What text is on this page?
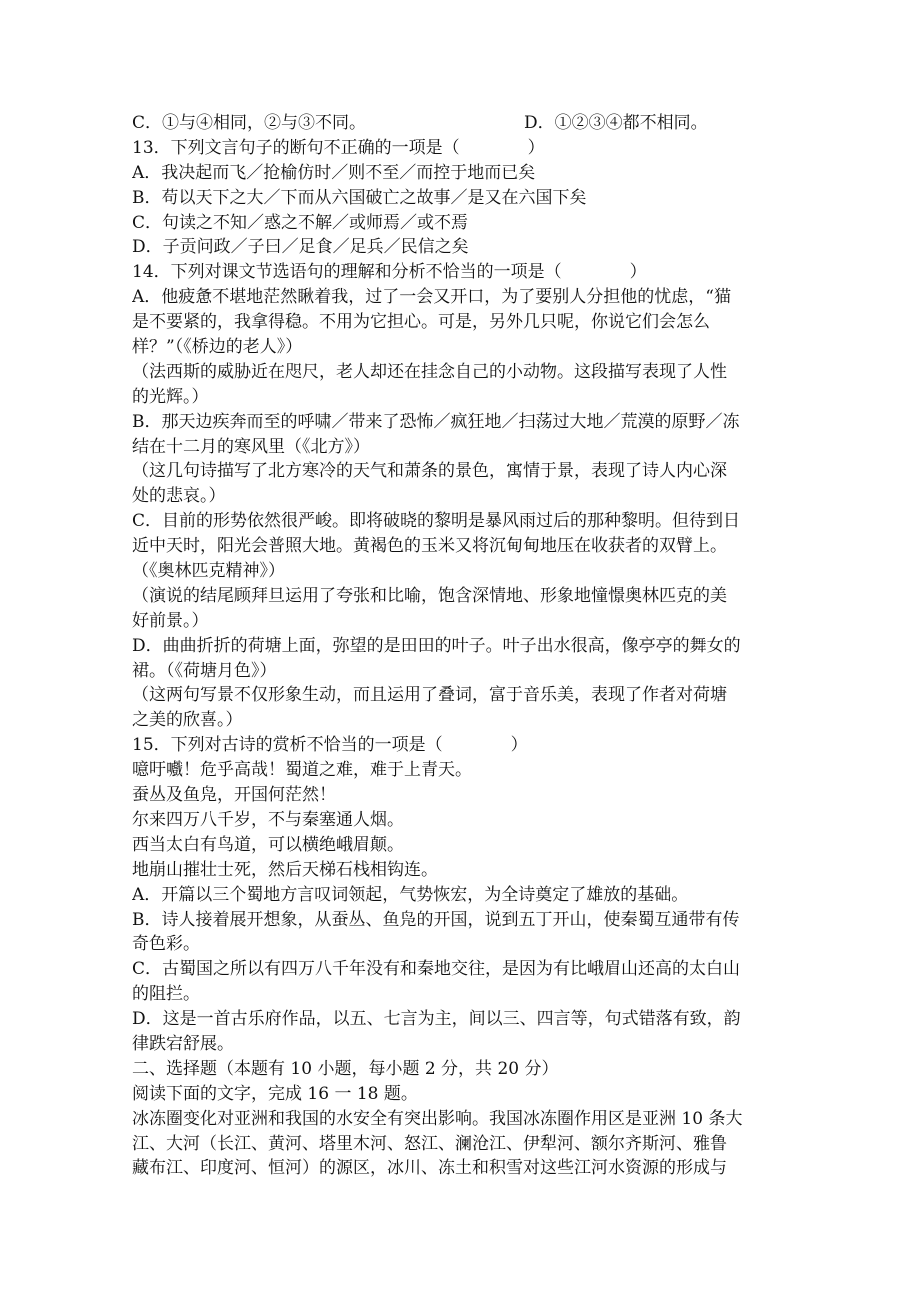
C．①与④相同，②与③不同。	D．①②③④都不相同。
13．下列文言句子的断句不正确的一项是（　　　　）
A．我决起而飞／抢榆仿时／则不至／而控于地而已矣
B．苟以天下之大／下而从六国破亡之故事／是又在六国下矣
C．句读之不知／惑之不解／或师焉／或不焉
D．子贡问政／子曰／足食／足兵／民信之矣
14．下列对课文节选语句的理解和分析不恰当的一项是（　　　　）
A．他疲惫不堪地茫然瞅着我，过了一会又开口，为了要别人分担他的忧虑，“猫
是不要紧的，我拿得稳。不用为它担心。可是，另外几只呢，你说它们会怎么
样？”（《桥边的老人》）
（法西斯的威胁近在咫尺，老人却还在挂念自己的小动物。这段描写表现了人性
的光辉。）
B．那天边疾奔而至的呼啸／带来了恐怖／疯狂地／扫荡过大地／荒漠的原野／冻
结在十二月的寒风里（《北方》）
（这几句诗描写了北方寒冷的天气和萧条的景色，寓情于景，表现了诗人内心深
处的悲哀。）
C．目前的形势依然很严峻。即将破晓的黎明是暴风雨过后的那种黎明。但待到日
近中天时，阳光会普照大地。黄褐色的玉米又将沉甸甸地压在收获者的双臂上。
（《奥林匹克精神》）
（演说的结尾顾拜旦运用了夸张和比喻，饱含深情地、形象地憧憬奥林匹克的美
好前景。）
D．曲曲折折的荷塘上面，弥望的是田田的叶子。叶子出水很高，像亭亭的舞女的
裙。（《荷塘月色》）
（这两句写景不仅形象生动，而且运用了叠词，富于音乐美，表现了作者对荷塘
之美的欣喜。）
15．下列对古诗的赏析不恰当的一项是（　　　　）
噫吁嚱！危乎高哉！蜀道之难，难于上青天。
蚕丛及鱼凫，开国何茫然！
尔来四万八千岁，不与秦塞通人烟。
西当太白有鸟道，可以横绝峨眉颠。
地崩山摧壮士死，然后天梯石栈相钩连。
A．开篇以三个蜀地方言叹词领起，气势恢宏，为全诗奠定了雄放的基础。
B．诗人接着展开想象，从蚕丛、鱼凫的开国，说到五丁开山，使秦蜀互通带有传
奇色彩。
C．古蜀国之所以有四万八千年没有和秦地交往，是因为有比峨眉山还高的太白山
的阻拦。
D．这是一首古乐府作品，以五、七言为主，间以三、四言等，句式错落有致，韵
律跌宕舒展。
二、选择题（本题有 10 小题，每小题 2 分，共 20 分）
阅读下面的文字，完成 16 一 18 题。
冰冻圈变化对亚洲和我国的水安全有突出影响。我国冰冻圈作用区是亚洲 10 条大
江、大河（长江、黄河、塔里木河、怒江、澜沧江、伊犁河、额尔齐斯河、雅鲁
藏布江、印度河、恒河）的源区，冰川、冻土和积雪对这些江河水资源的形成与
